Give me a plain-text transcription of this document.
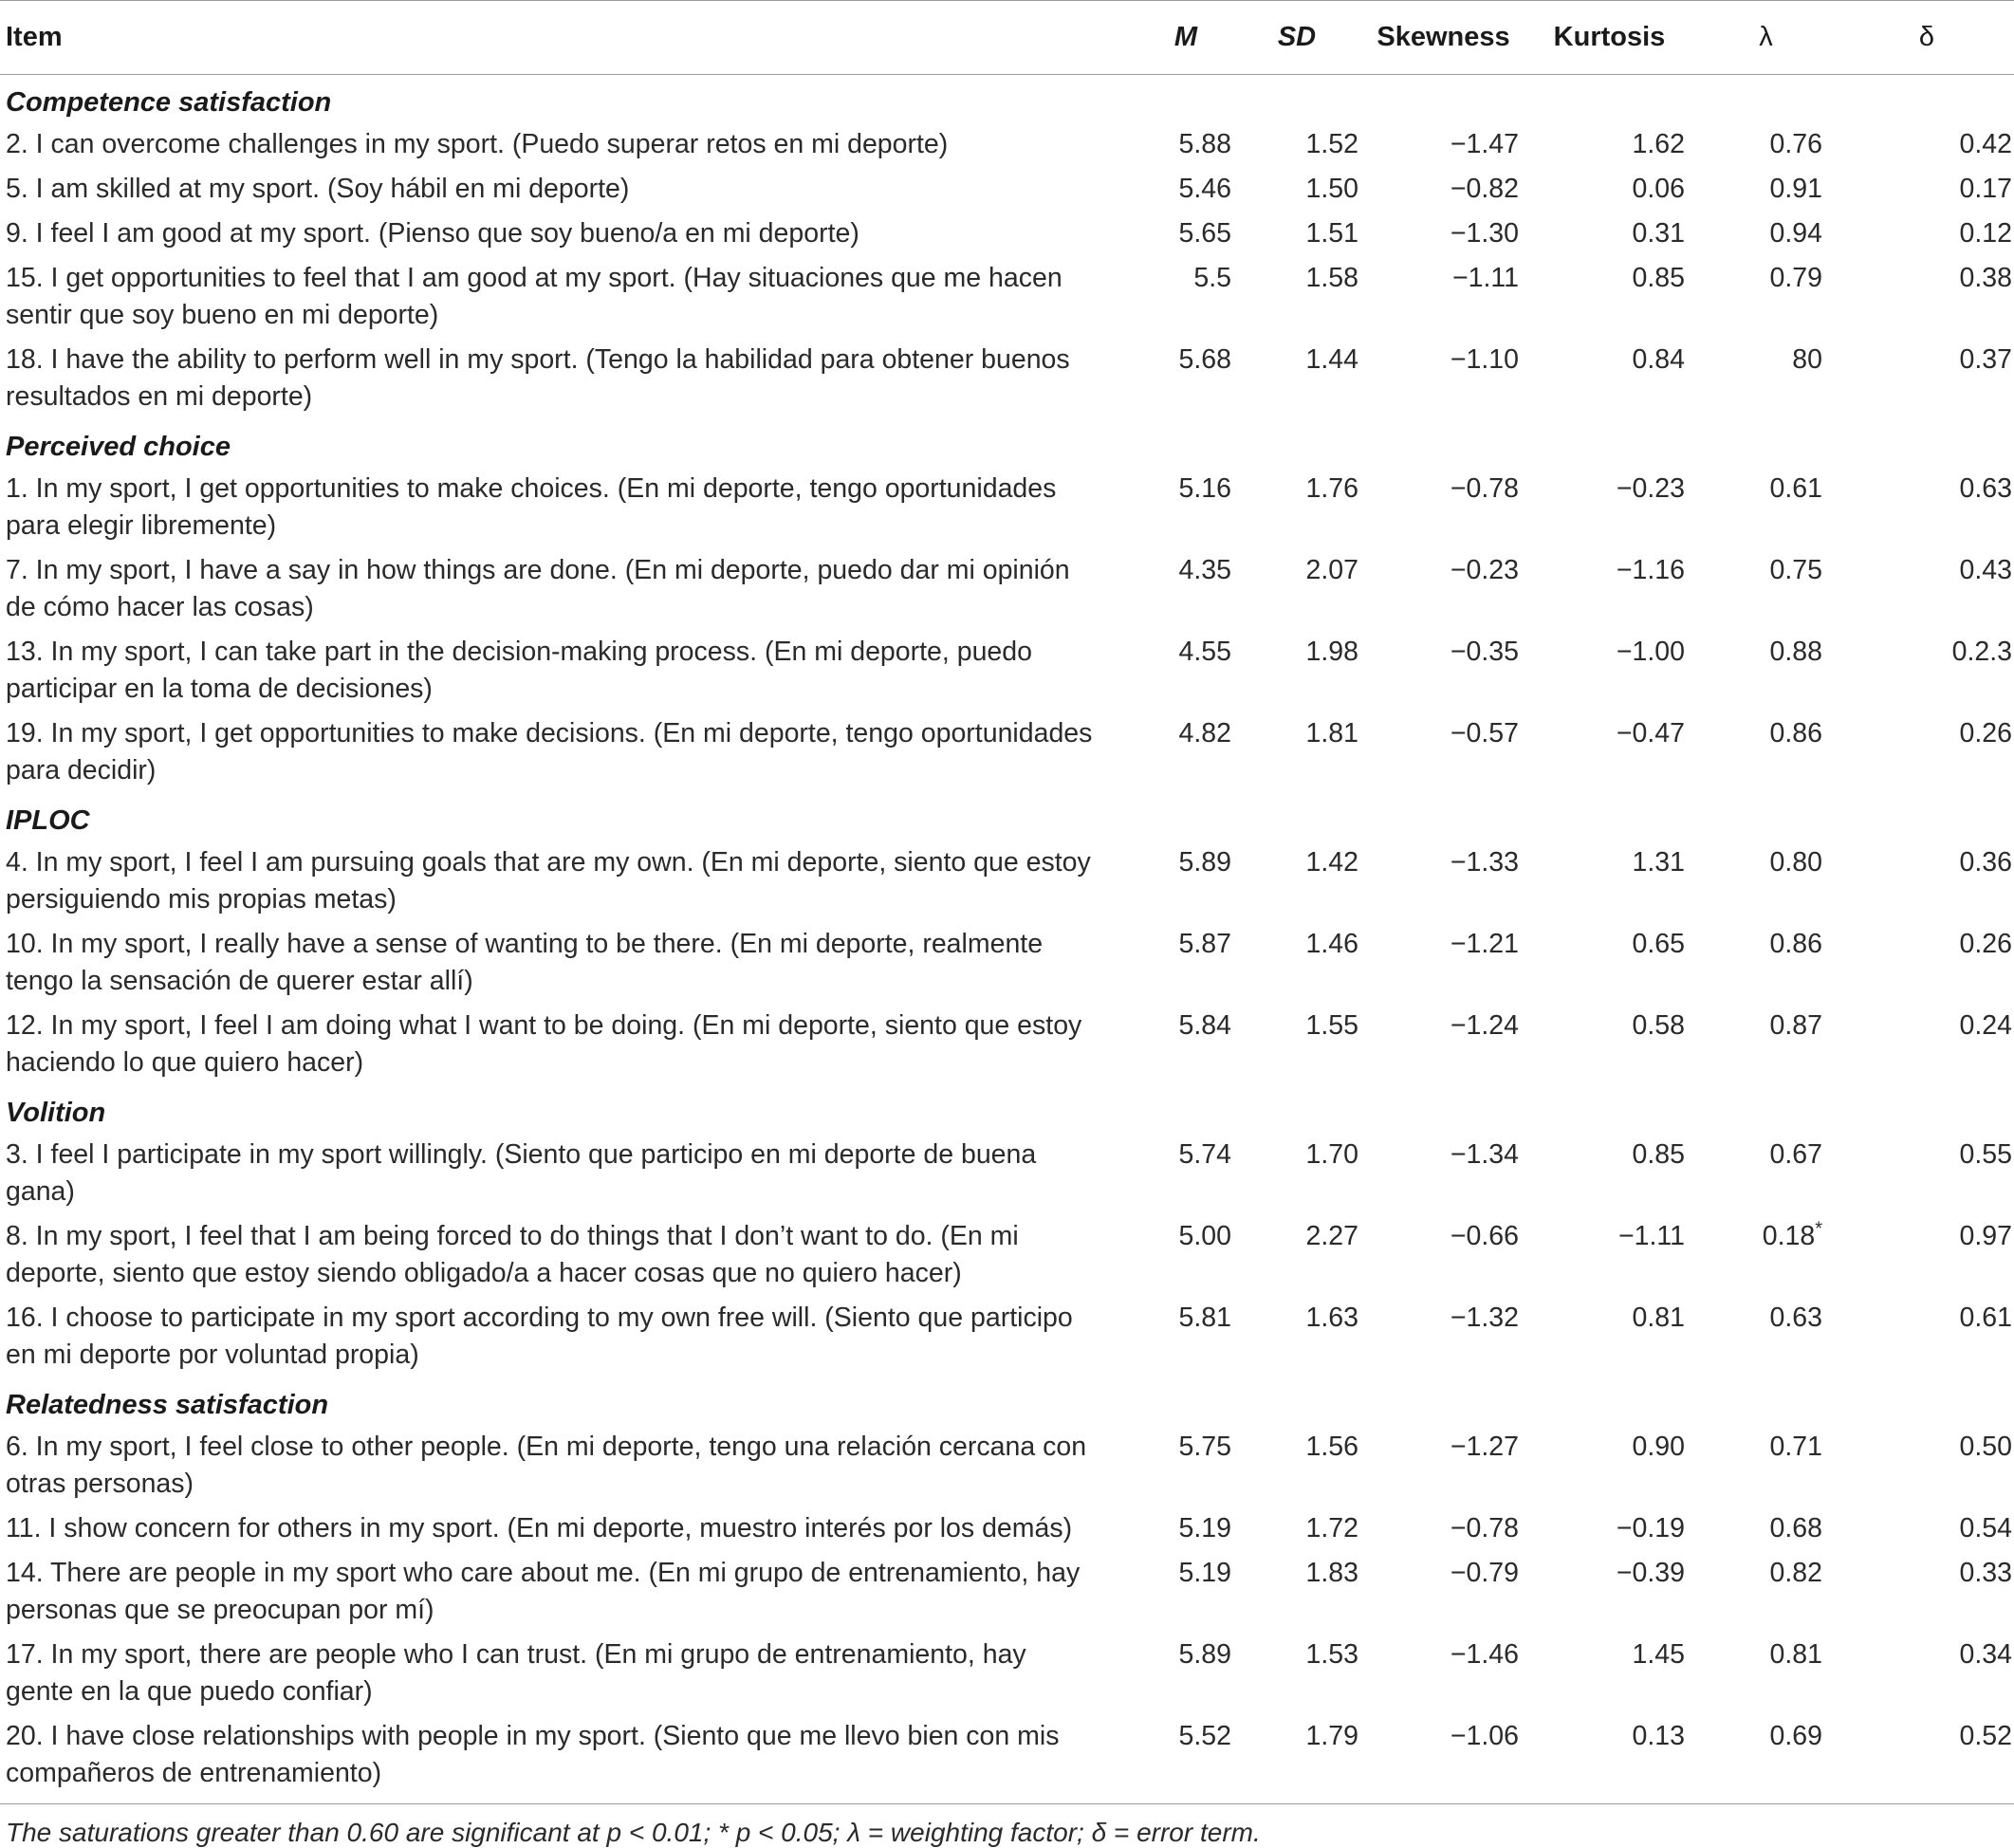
Item	M	SD	Skewness	Kurtosis	λ	δ
Competence satisfaction						
2. I can overcome challenges in my sport. (Puedo superar retos en mi deporte)	5.88	1.52	−1.47	1.62	0.76	0.42
5. I am skilled at my sport. (Soy hábil en mi deporte)	5.46	1.50	−0.82	0.06	0.91	0.17
9. I feel I am good at my sport. (Pienso que soy bueno/a en mi deporte)	5.65	1.51	−1.30	0.31	0.94	0.12
15. I get opportunities to feel that I am good at my sport. (Hay situaciones que me hacen sentir que soy bueno en mi deporte)	5.5	1.58	−1.11	0.85	0.79	0.38
18. I have the ability to perform well in my sport. (Tengo la habilidad para obtener buenos resultados en mi deporte)	5.68	1.44	−1.10	0.84	80	0.37
Perceived choice						
1. In my sport, I get opportunities to make choices. (En mi deporte, tengo oportunidades para elegir libremente)	5.16	1.76	−0.78	−0.23	0.61	0.63
7. In my sport, I have a say in how things are done. (En mi deporte, puedo dar mi opinión de cómo hacer las cosas)	4.35	2.07	−0.23	−1.16	0.75	0.43
13. In my sport, I can take part in the decision-making process. (En mi deporte, puedo participar en la toma de decisiones)	4.55	1.98	−0.35	−1.00	0.88	0.2.3
19. In my sport, I get opportunities to make decisions. (En mi deporte, tengo oportunidades para decidir)	4.82	1.81	−0.57	−0.47	0.86	0.26
IPLOC						
4. In my sport, I feel I am pursuing goals that are my own. (En mi deporte, siento que estoy persiguiendo mis propias metas)	5.89	1.42	−1.33	1.31	0.80	0.36
10. In my sport, I really have a sense of wanting to be there. (En mi deporte, realmente tengo la sensación de querer estar allí)	5.87	1.46	−1.21	0.65	0.86	0.26
12. In my sport, I feel I am doing what I want to be doing. (En mi deporte, siento que estoy haciendo lo que quiero hacer)	5.84	1.55	−1.24	0.58	0.87	0.24
Volition						
3. I feel I participate in my sport willingly. (Siento que participo en mi deporte de buena gana)	5.74	1.70	−1.34	0.85	0.67	0.55
8. In my sport, I feel that I am being forced to do things that I don’t want to do. (En mi deporte, siento que estoy siendo obligado/a a hacer cosas que no quiero hacer)	5.00	2.27	−0.66	−1.11	0.18*	0.97
16. I choose to participate in my sport according to my own free will. (Siento que participo en mi deporte por voluntad propia)	5.81	1.63	−1.32	0.81	0.63	0.61
Relatedness satisfaction						
6. In my sport, I feel close to other people. (En mi deporte, tengo una relación cercana con otras personas)	5.75	1.56	−1.27	0.90	0.71	0.50
11. I show concern for others in my sport. (En mi deporte, muestro interés por los demás)	5.19	1.72	−0.78	−0.19	0.68	0.54
14. There are people in my sport who care about me. (En mi grupo de entrenamiento, hay personas que se preocupan por mí)	5.19	1.83	−0.79	−0.39	0.82	0.33
17. In my sport, there are people who I can trust. (En mi grupo de entrenamiento, hay gente en la que puedo confiar)	5.89	1.53	−1.46	1.45	0.81	0.34
20. I have close relationships with people in my sport. (Siento que me llevo bien con mis compañeros de entrenamiento)	5.52	1.79	−1.06	0.13	0.69	0.52
The saturations greater than 0.60 are significant at p < 0.01; * p < 0.05; λ = weighting factor; δ = error term.
